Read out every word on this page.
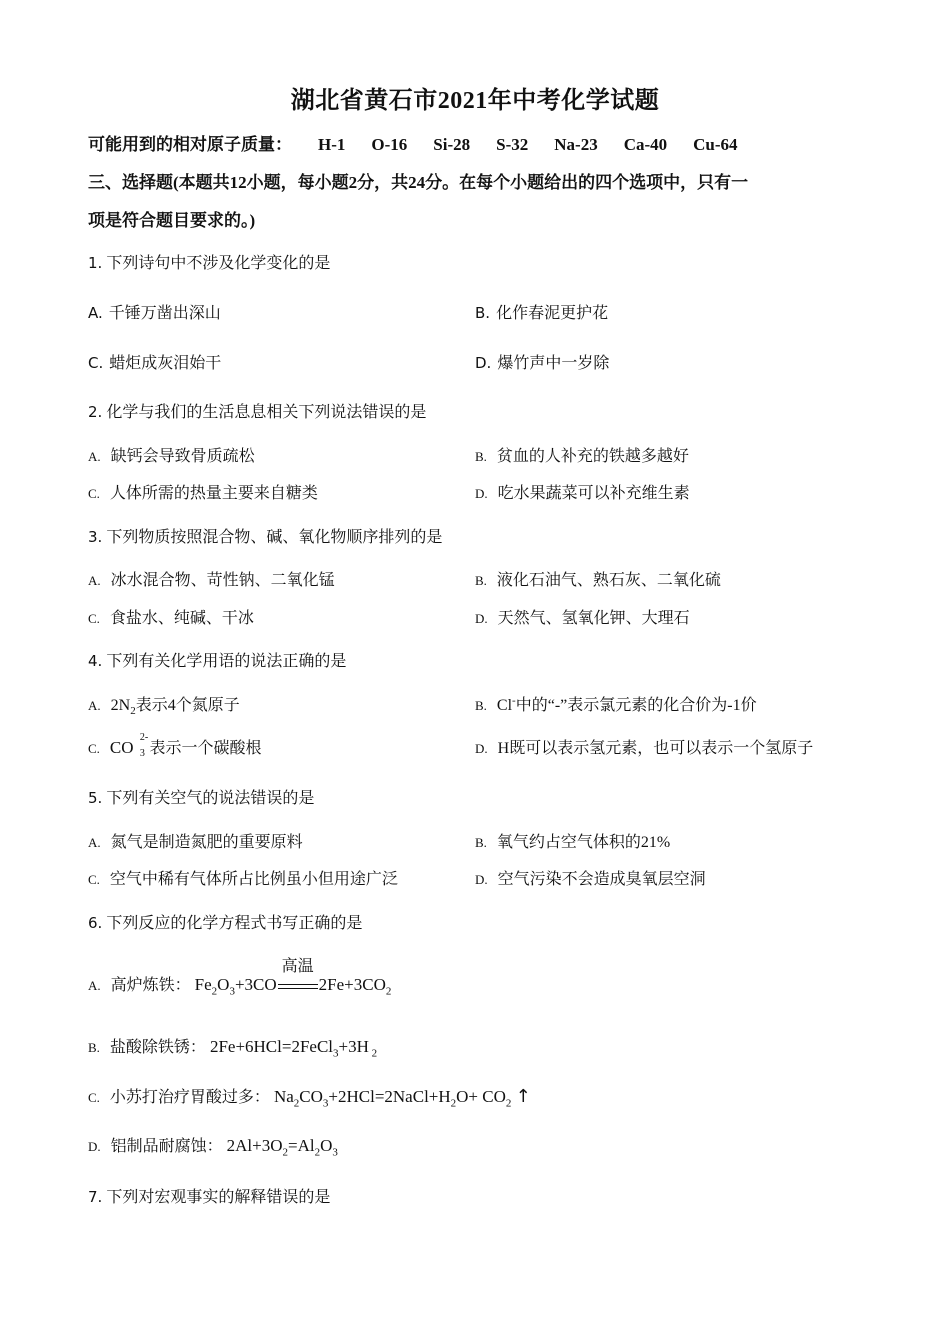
湖北省黄石市2021年中考化学试题
可能用到的相对原子质量： H-1 O-16 Si-28 S-32 Na-23 Ca-40 Cu-64
三、选择题(本题共12小题，每小题2分，共24分。在每个小题给出的四个选项中，只有一
项是符合题目要求的。)
1. 下列诗句中不涉及化学变化的是
A. 千锤万凿出深山	B. 化作春泥更护花
C. 蜡炬成灰泪始干	D. 爆竹声中一岁除
2. 化学与我们的生活息息相关下列说法错误的是
A. 缺钙会导致骨质疏松	B. 贫血的人补充的铁越多越好
C. 人体所需的热量主要来自糖类	D. 吃水果蔬菜可以补充维生素
3. 下列物质按照混合物、碱、氧化物顺序排列的是
A. 冰水混合物、苛性钠、二氧化锰	B. 液化石油气、熟石灰、二氧化硫
C. 食盐水、纯碱、干冰	D. 天然气、氢氧化钾、大理石
4. 下列有关化学用语的说法正确的是
A. $2N_2$表示4个氮原子	B. Cl-中的“-”表示氯元素的化合价为-1价
C. CO
2-
3 表示一个碳酸根	D. H既可以表示氢元素，也可以表示一个氢原子
5. 下列有关空气的说法错误的是
A. 氮气是制造氮肥的重要原料	B. 氧气约占空气体积的21%
C. 空气中稀有气体所占比例虽小但用途广泛	D. 空气污染不会造成臭氧层空洞
6. 下列反应的化学方程式书写正确的是
A. 高炉炼铁： $Fe_2O_3+3CO$
高温
$2Fe+3CO_2$
B. 盐酸除铁锈： 2Fe+6HCl=2FeCl$_3$+3H $_2$
C. 小苏打治疗胃酸过多： $Na_2CO_3+2HCl=2NaCl+H_2O+ CO_2$ ↑
D. 铝制品耐腐蚀： $2Al+3O_2=Al_2O_3$
7. 下列对宏观事实的解释错误的是
